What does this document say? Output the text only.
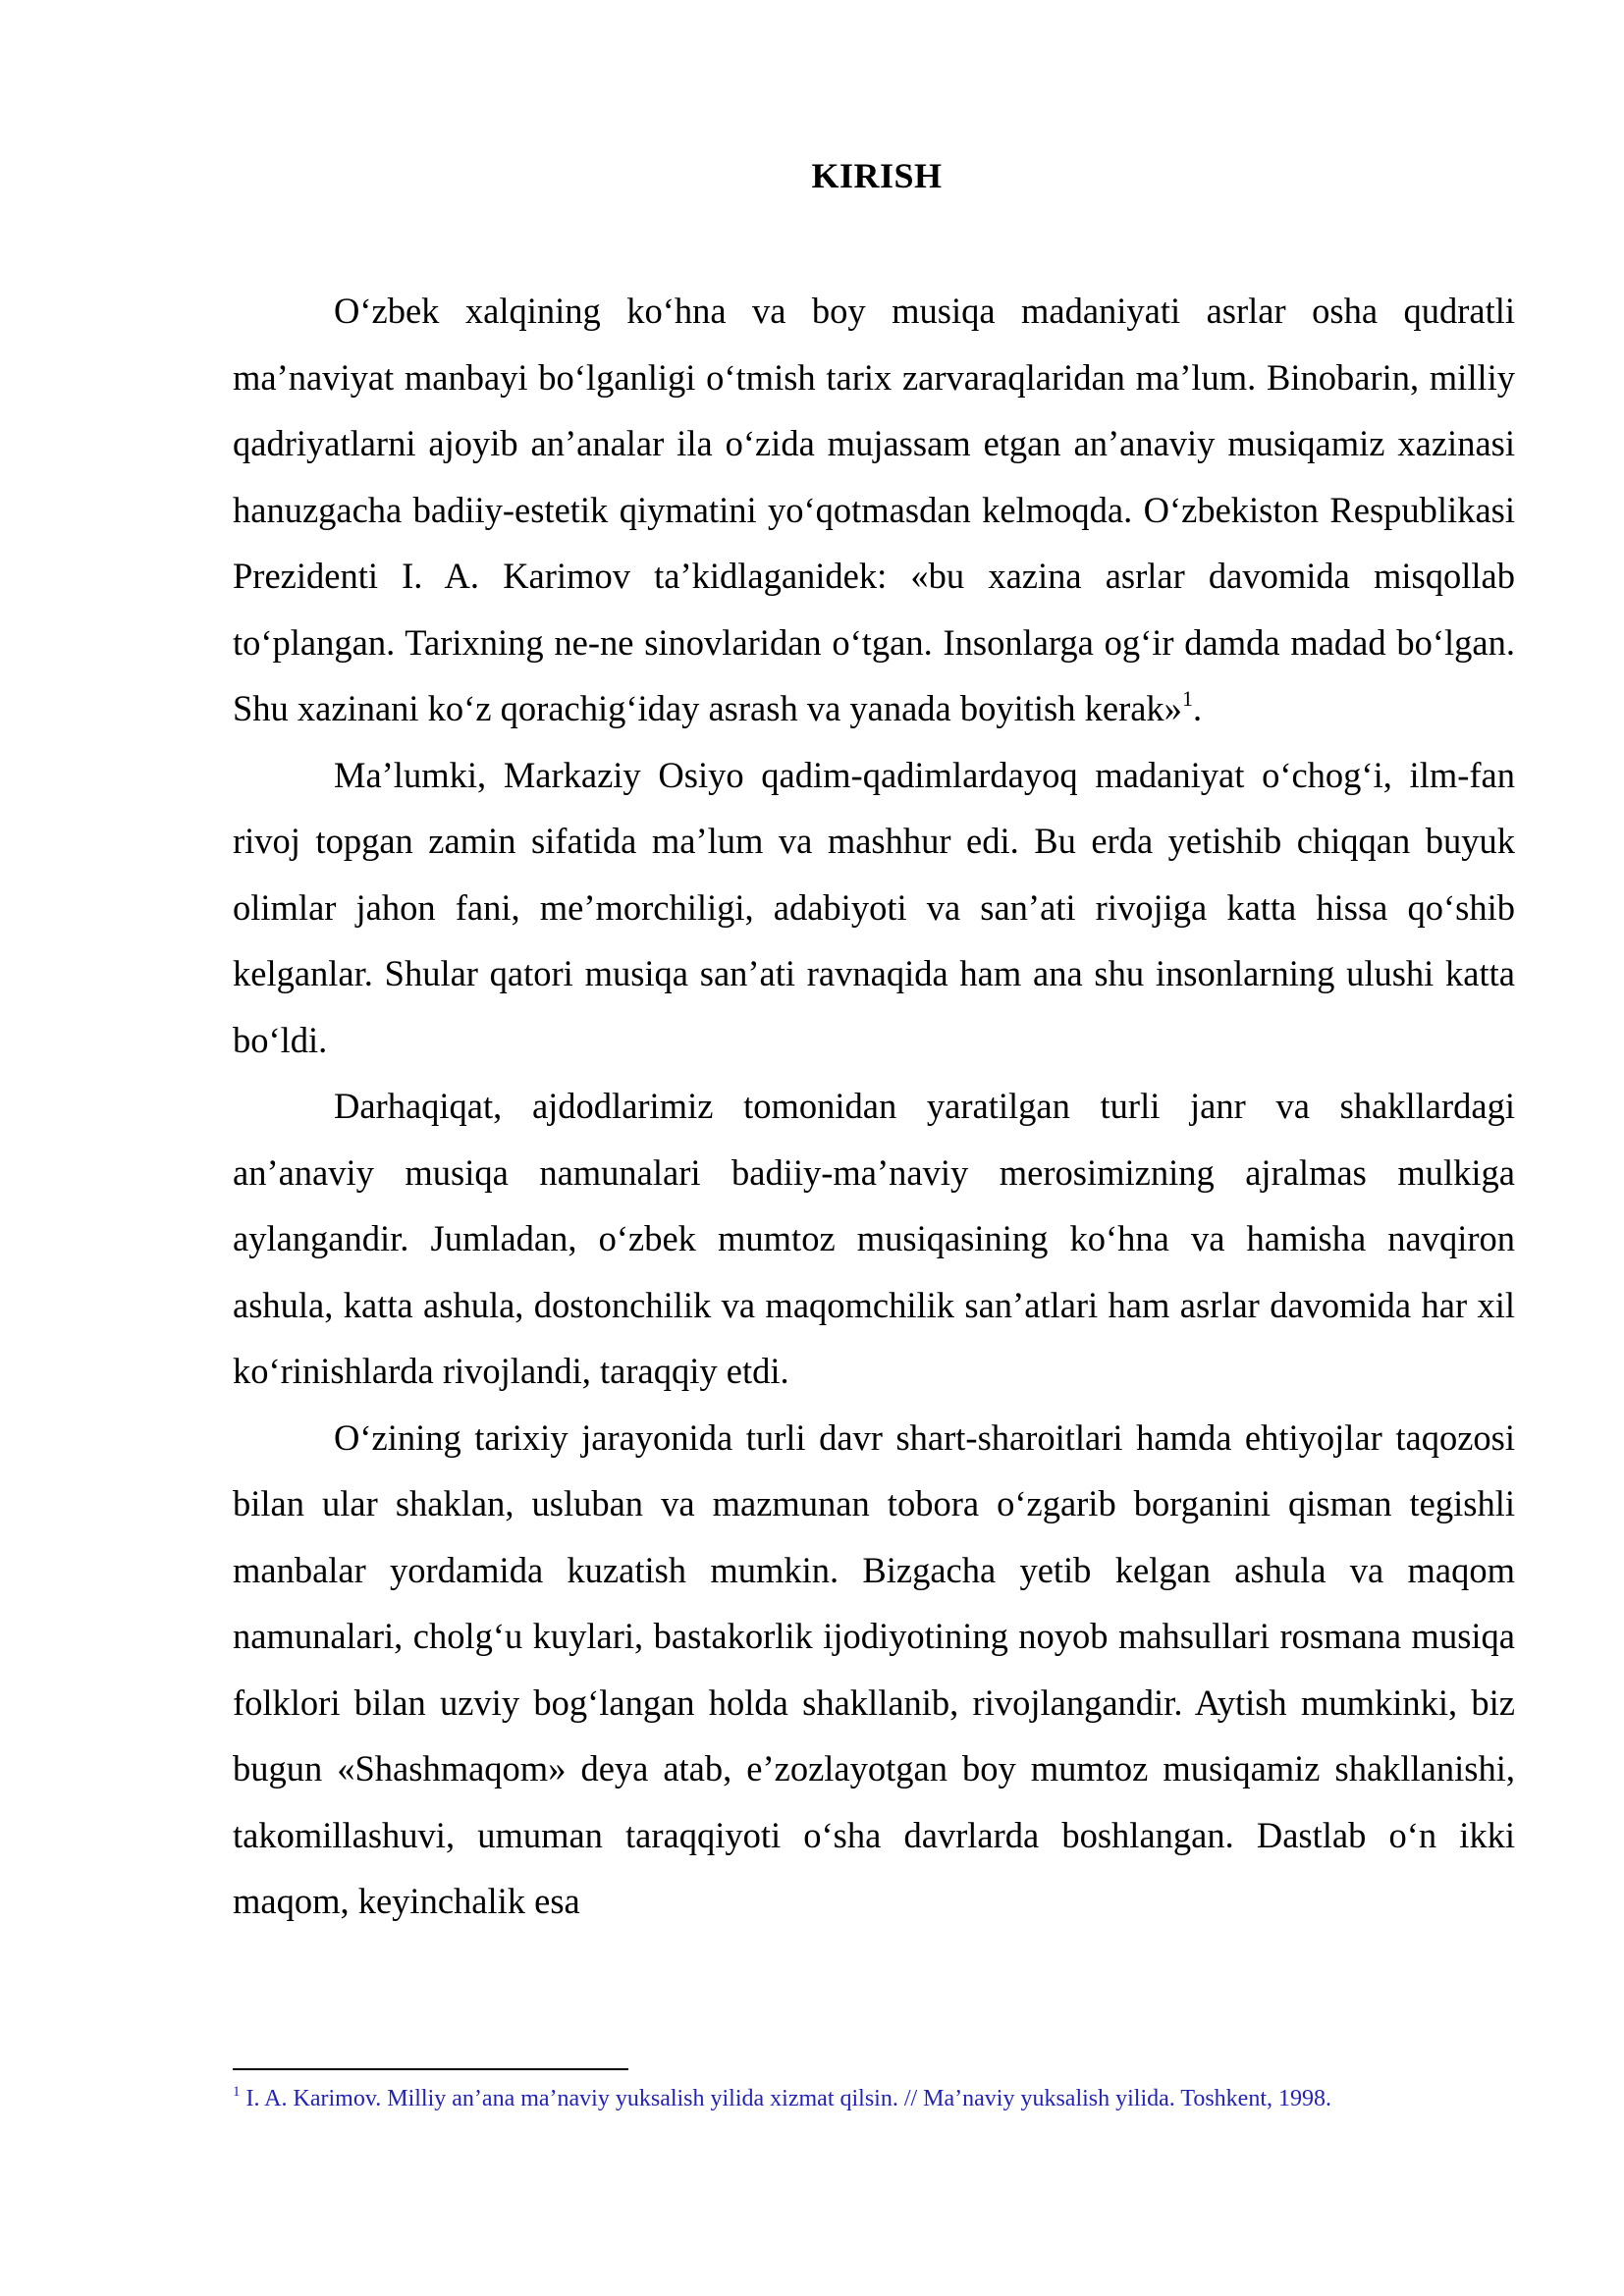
KIRISH

O‘zbek xalqining ko‘hna va boy musiqa madaniyati asrlar osha qudratli ma’naviyat manbayi bo‘lganligi o‘tmish tarix zarvaraqlaridan ma’lum. Binobarin, milliy qadriyatlarni ajoyib an’analar ila o‘zida mujassam etgan an’anaviy musiqamiz xazinasi hanuzgacha badiiy-estetik qiymatini yo‘qotmasdan kelmoqda. O‘zbekiston Respublikasi Prezidenti I. A. Karimov ta’kidlaganidek: «bu xazina asrlar davomida misqollab to‘plangan. Tarixning ne-ne sinovlaridan o‘tgan. Insonlarga og‘ir damda madad bo‘lgan. Shu xazinani ko‘z qorachig‘iday asrash va yanada boyitish kerak»$^1$.

Ma’lumki, Markaziy Osiyo qadim-qadimlardayoq madaniyat o‘chog‘i, ilm-fan rivoj topgan zamin sifatida ma’lum va mashhur edi. Bu erda yetishib chiqqan buyuk olimlar jahon fani, me’morchiligi, adabiyoti va san’ati rivojiga katta hissa qo‘shib kelganlar. Shular qatori musiqa san’ati ravnaqida ham ana shu insonlarning ulushi katta bo‘ldi.

Darhaqiqat, ajdodlarimiz tomonidan yaratilgan turli janr va shakllardagi an’anaviy musiqa namunalari badiiy-ma’naviy merosimizning ajralmas mulkiga aylangandir. Jumladan, o‘zbek mumtoz musiqasining ko‘hna va hamisha navqiron ashula, katta ashula, dostonchilik va maqomchilik san’atlari ham asrlar davomida har xil ko‘rinishlarda rivojlandi, taraqqiy etdi.

O‘zining tarixiy jarayonida turli davr shart-sharoitlari hamda ehtiyojlar taqozosi bilan ular shaklan, usluban va mazmunan tobora o‘zgarib borganini qisman tegishli manbalar yordamida kuzatish mumkin. Bizgacha yetib kelgan ashula va maqom namunalari, cholg‘u kuylari, bastakorlik ijodiyotining noyob mahsullari rosmana musiqa folklori bilan uzviy bog‘langan holda shakllanib, rivojlangandir. Aytish mumkinki, biz bugun «Shashmaqom» deya atab, e’zozlayotgan boy mumtoz musiqamiz shakllanishi, takomillashuvi, umuman taraqqiyoti o‘sha davrlarda boshlangan. Dastlab o‘n ikki maqom, keyinchalik esa

$^1$ I. A. Karimov. Milliy an’ana ma’naviy yuksalish yilida xizmat qilsin. // Ma’naviy yuksalish yilida. Toshkent, 1998.
